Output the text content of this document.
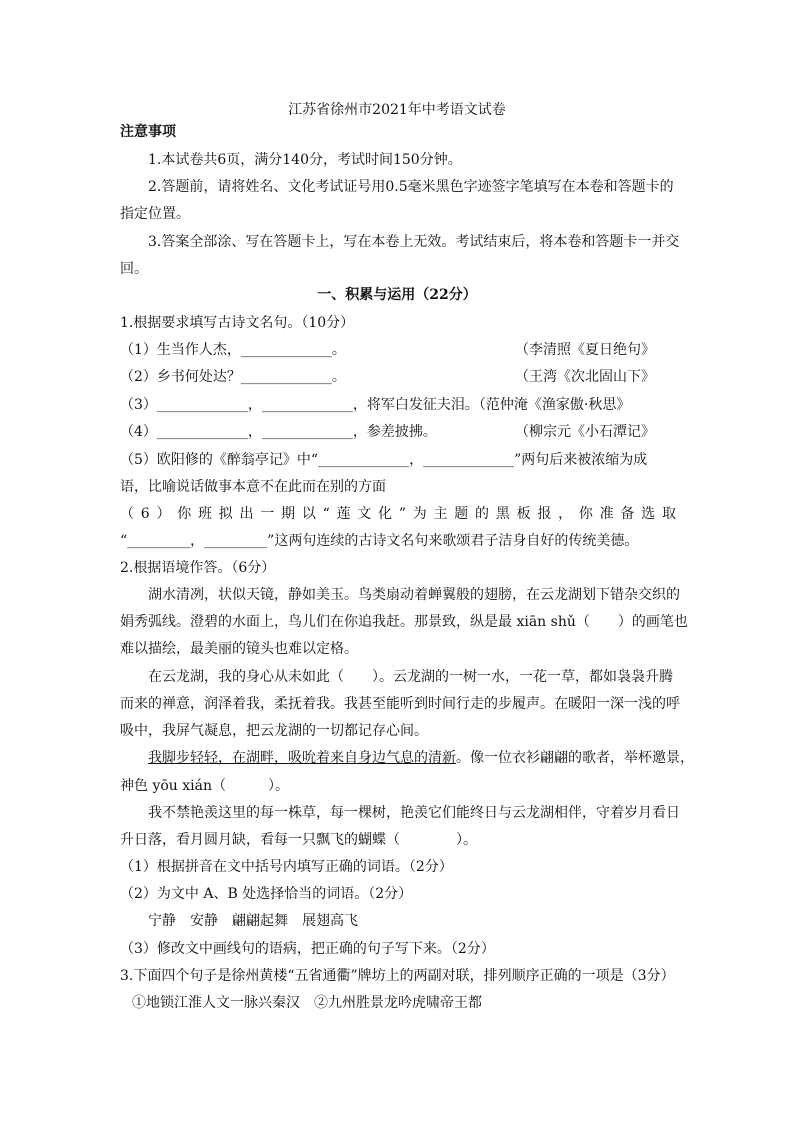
江苏省徐州市2021年中考语文试卷
注意事项
1.本试卷共6页，满分140分，考试时间150分钟。
2.答题前，请将姓名、文化考试证号用0.5毫米黑色字迹签字笔填写在本卷和答题卡的
指定位置。
3.答案全部涂、写在答题卡上，写在本卷上无效。考试结束后，将本卷和答题卡一并交
回。
一、积累与运用（22分）
1.根据要求填写古诗文名句。（10分）
（1）生当作人杰，_____________。	（李清照《夏日绝句》
（2）乡书何处达？_____________。	（王湾《次北固山下》
（3）_____________，_____________，将军白发征夫泪。（范仲淹《渔家傲·秋思》
（4）_____________，_____________，参差披拂。	（柳宗元《小石潭记》
（5）欧阳修的《醉翁亭记》中“_____________，_____________”两句后来被浓缩为成
语，比喻说话做事本意不在此而在别的方面
（ 6 ） 你 班 拟 出 一 期 以 “ 莲 文 化 ” 为 主 题 的 黑 板 报 ， 你 准 备 选 取
“_________，_________”这两句连续的古诗文名句来歌颂君子洁身自好的传统美德。
2.根据语境作答。（6分）
湖水清冽，状似天镜，静如美玉。鸟类扇动着蝉翼般的翅膀，在云龙湖划下错杂交织的
娟秀弧线。澄碧的水面上，鸟儿们在你追我赶。那景致，纵是最 xiān shǔ（　　）的画笔也
难以描绘，最美丽的镜头也难以定格。
在云龙湖，我的身心从未如此（　　）。云龙湖的一树一水，一花一草，都如袅袅升腾
而来的禅意，润泽着我，柔抚着我。我甚至能听到时间行走的步履声。在暖阳一深一浅的呼
吸中，我屏气凝息，把云龙湖的一切都记存心间。
我脚步轻轻，在湖畔，吸吮着来自身边气息的清新。像一位衣衫翩翩的歌者，举杯邀景，
神色 yōu xián（　　　）。
我不禁艳羡这里的每一株草，每一棵树，艳羡它们能终日与云龙湖相伴，守着岁月看日
升日落，看月圆月缺，看每一只飘飞的蝴蝶（　　　　）。
（1）根据拼音在文中括号内填写正确的词语。（2分）
（2）为文中 A、B 处选择恰当的词语。（2分）
宁静　安静　翩翩起舞　展翅高飞
（3）修改文中画线句的语病，把正确的句子写下来。（2分）
3.下面四个句子是徐州黄楼“五省通衢”牌坊上的两副对联，排列顺序正确的一项是（3分）
①地锁江淮人文一脉兴秦汉　②九州胜景龙吟虎啸帝王都
